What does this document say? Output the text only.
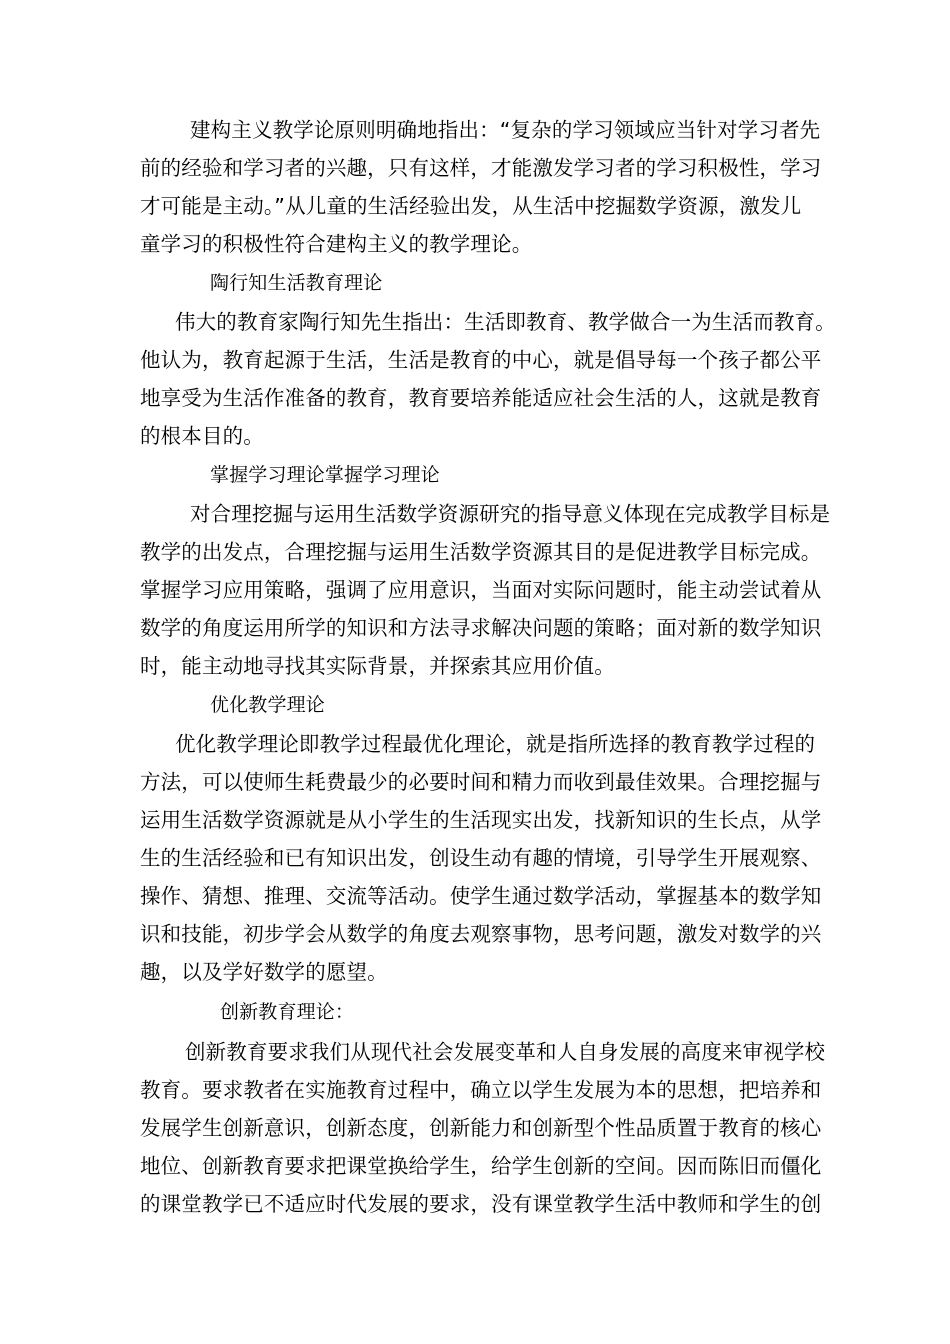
建构主义教学论原则明确地指出：“复杂的学习领域应当针对学习者先
前的经验和学习者的兴趣，只有这样，才能激发学习者的学习积极性，学习
才可能是主动。”从儿童的生活经验出发，从生活中挖掘数学资源，激发儿
童学习的积极性符合建构主义的教学理论。
陶行知生活教育理论
伟大的教育家陶行知先生指出：生活即教育、教学做合一为生活而教育。
他认为，教育起源于生活，生活是教育的中心，就是倡导每一个孩子都公平
地享受为生活作准备的教育，教育要培养能适应社会生活的人，这就是教育
的根本目的。
掌握学习理论掌握学习理论
对合理挖掘与运用生活数学资源研究的指导意义体现在完成教学目标是
教学的出发点，合理挖掘与运用生活数学资源其目的是促进教学目标完成。
掌握学习应用策略，强调了应用意识，当面对实际问题时，能主动尝试着从
数学的角度运用所学的知识和方法寻求解决问题的策略；面对新的数学知识
时，能主动地寻找其实际背景，并探索其应用价值。
优化教学理论
优化教学理论即教学过程最优化理论，就是指所选择的教育教学过程的
方法，可以使师生耗费最少的必要时间和精力而收到最佳效果。合理挖掘与
运用生活数学资源就是从小学生的生活现实出发，找新知识的生长点，从学
生的生活经验和已有知识出发，创设生动有趣的情境，引导学生开展观察、
操作、猜想、推理、交流等活动。使学生通过数学活动，掌握基本的数学知
识和技能，初步学会从数学的角度去观察事物，思考问题，激发对数学的兴
趣，以及学好数学的愿望。
创新教育理论：
创新教育要求我们从现代社会发展变革和人自身发展的高度来审视学校
教育。要求教者在实施教育过程中，确立以学生发展为本的思想，把培养和
发展学生创新意识，创新态度，创新能力和创新型个性品质置于教育的核心
地位、创新教育要求把课堂换给学生，给学生创新的空间。因而陈旧而僵化
的课堂教学已不适应时代发展的要求，没有课堂教学生活中教师和学生的创
